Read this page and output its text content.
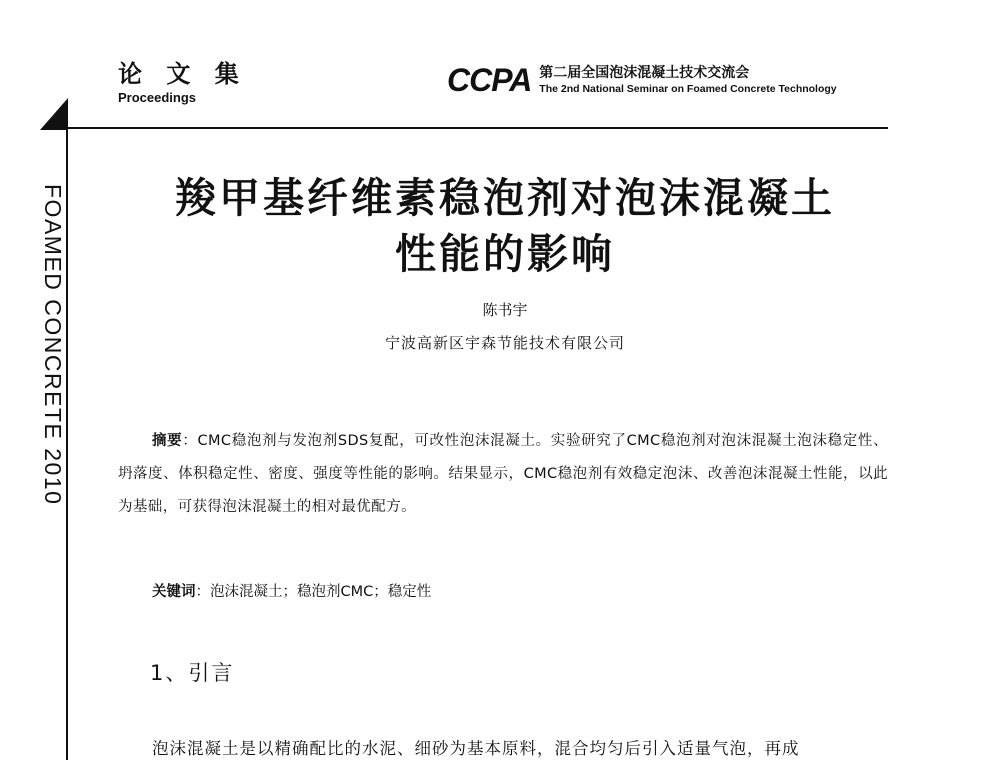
论 文 集
Proceedings	CCPA 第二届全国泡沫混凝土技术交流会
The 2nd National Seminar on Foamed Concrete Technology
FOAMED CONCRETE 2010	羧甲基纤维素稳泡剂对泡沫混凝土
性能的影响
陈书宇
宁波高新区宇森节能技术有限公司
摘要：CMC稳泡剂与发泡剂SDS复配，可改性泡沫混凝土。实验研究了CMC稳泡剂对泡沫混凝土泡沫稳定性、坍落度、体积稳定性、密度、强度等性能的影响。结果显示，CMC稳泡剂有效稳定泡沫、改善泡沫混凝土性能，以此为基础，可获得泡沫混凝土的相对最优配方。
关键词：泡沫混凝土；稳泡剂CMC；稳定性
1、引言
泡沫混凝土是以精确配比的水泥、细砂为基本原料，混合均匀后引入适量气泡，再成
